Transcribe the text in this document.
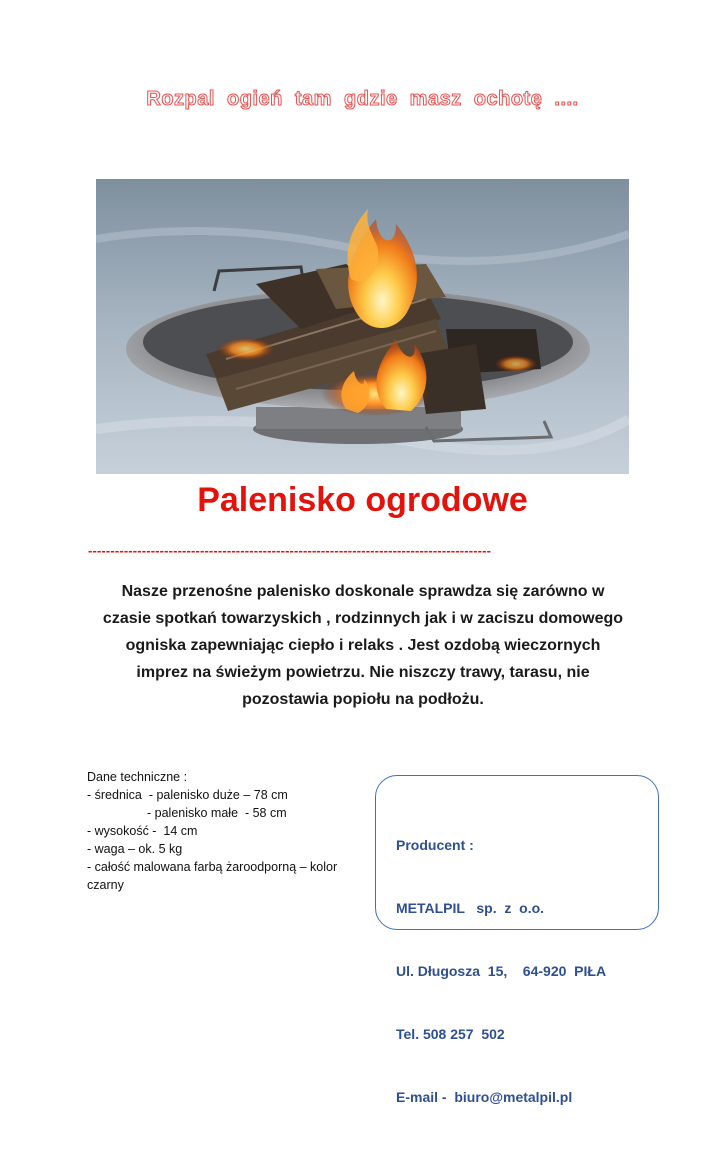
Rozpal ogień tam gdzie masz ochotę ....
Palenisko ogrodowe
------------------------------------------------------------------------------------------
Nasze przenośne palenisko doskonale sprawdza się zarówno w
czasie spotkań towarzyskich , rodzinnych jak i w zaciszu domowego
ogniska zapewniając ciepło i relaks . Jest ozdobą wieczornych
imprez na świeżym powietrzu. Nie niszczy trawy, tarasu, nie
pozostawia popiołu na podłożu.
Dane techniczne :
- średnica  - palenisko duże – 78 cm
- palenisko małe  - 58 cm
- wysokość -  14 cm
- waga – ok. 5 kg
- całość malowana farbą żaroodporną – kolor
czarny

Producent :

METALPIL   sp.  z  o.o.

Ul. Długosza  15,    64-920  PIŁA

Tel. 508 257  502

E-mail -  biuro@metalpil.pl
